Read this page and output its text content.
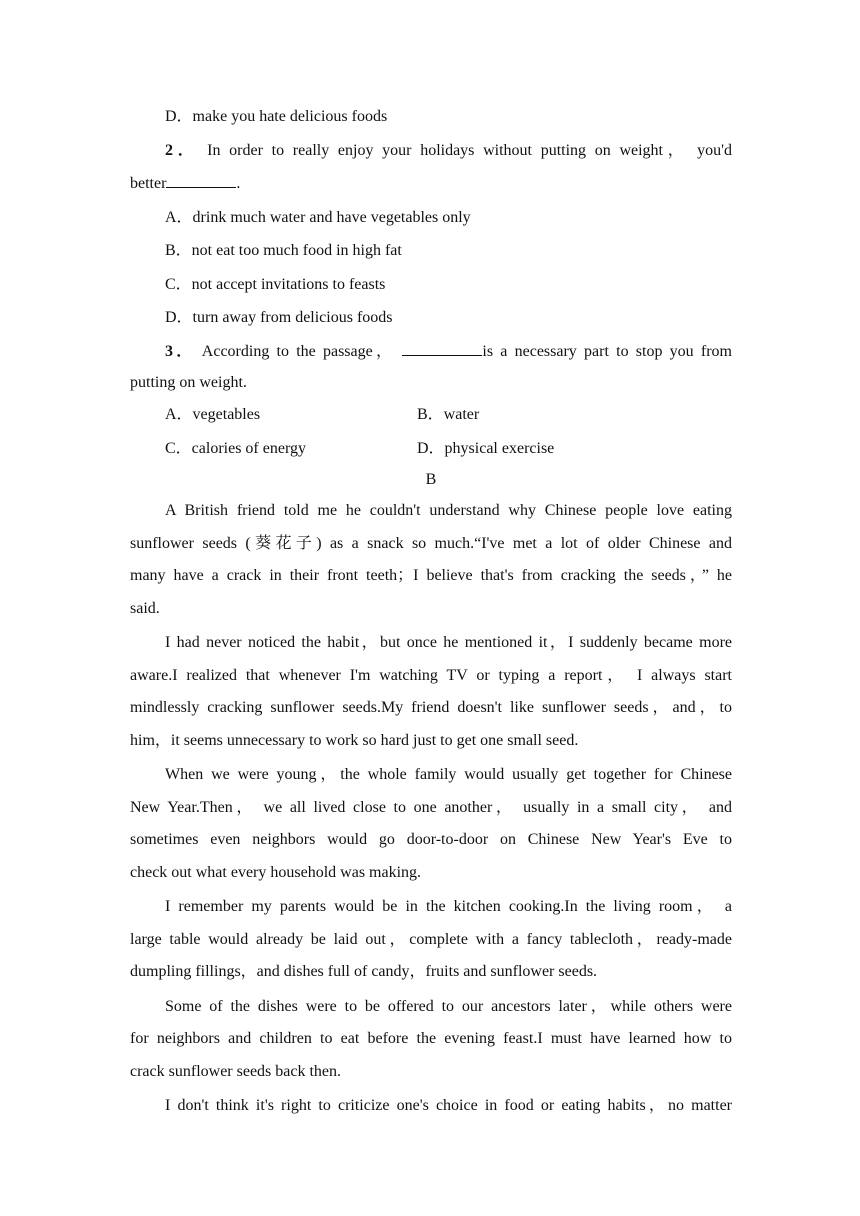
D．make you hate delicious foods
2． In order to really enjoy your holidays without putting on weight， you'd
better	.
A．drink much water and have vegetables only
B．not eat too much food in high fat
C．not accept invitations to feasts
D．turn away from delicious foods
3． According to the passage，	is a necessary part to stop you from
putting on weight.
A．vegetables	B．water
C．calories of energy	D．physical exercise
B
A British friend told me he couldn't understand why Chinese people love eating
sunflower seeds (葵花子) as a snack so much.“I've met a lot of older Chinese and
many have a crack in their front teeth；I believe that's from cracking the seeds，” he
said.
I had never noticed the habit，but once he mentioned it，I suddenly became more
aware.I realized that whenever I'm watching TV or typing a report， I always start
mindlessly cracking sunflower seeds.My friend doesn't like sunflower seeds，and，to
him，it seems unnecessary to work so hard just to get one small seed.
When we were young，the whole family would usually get together for Chinese
New Year.Then， we all lived close to one another， usually in a small city， and
sometimes even neighbors would go door-to-door on Chinese New Year's Eve to
check out what every household was making.
I remember my parents would be in the kitchen cooking.In the living room， a
large table would already be laid out，complete with a fancy tablecloth，ready-made
dumpling fillings，and dishes full of candy，fruits and sunflower seeds.
Some of the dishes were to be offered to our ancestors later，while others were
for neighbors and children to eat before the evening feast.I must have learned how to
crack sunflower seeds back then.
I don't think it's right to criticize one's choice in food or eating habits，no matter
